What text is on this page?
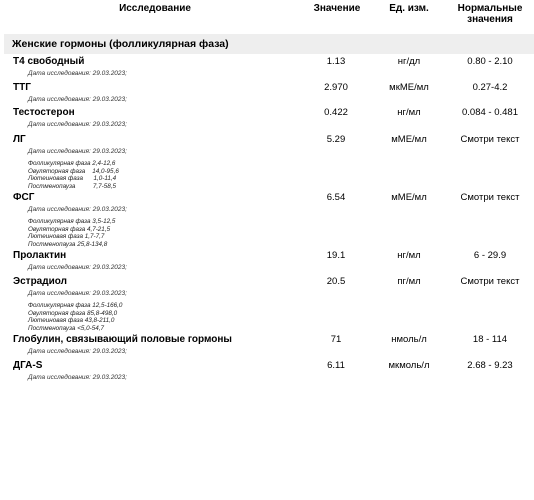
Исследование	Значение	Ед. изм.	Нормальные
значения
Женские гормоны (фолликулярная фаза)
Т4 свободный	1.13	нг/дл	0.80 - 2.10
Дата исследования: 29.03.2023;
ТТГ	2.970	мкМЕ/мл	0.27-4.2
Дата исследования: 29.03.2023;
Тестостерон	0.422	нг/мл	0.084 - 0.481
Дата исследования: 29.03.2023;
ЛГ	5.29	мМЕ/мл	Смотри текст
Дата исследования: 29.03.2023;
Фолликулярная фаза 2,4-12,6
Овуляторная фаза    14,0-95,6
Лютеиновая фаза      1,0-11,4
Постменопауза          7,7-58,5
ФСГ	6.54	мМЕ/мл	Смотри текст
Дата исследования: 29.03.2023;
Фолликулярная фаза 3,5-12,5
Овуляторная фаза 4,7-21,5
Лютеиновая фаза 1,7-7,7
Постменопауза 25,8-134,8
Пролактин	19.1	нг/мл	6 - 29.9
Дата исследования: 29.03.2023;
Эстрадиол	20.5	пг/мл	Смотри текст
Дата исследования: 29.03.2023;
Фолликулярная фаза 12,5-166,0
Овуляторная фаза 85,8-498,0
Лютеиновая фаза 43,8-211,0
Постменопауза <5,0-54,7
Глобулин, связывающий половые гормоны	71	нмоль/л	18 - 114
Дата исследования: 29.03.2023;
ДГА-S	6.11	мкмоль/л	2.68 - 9.23
Дата исследования: 29.03.2023;
